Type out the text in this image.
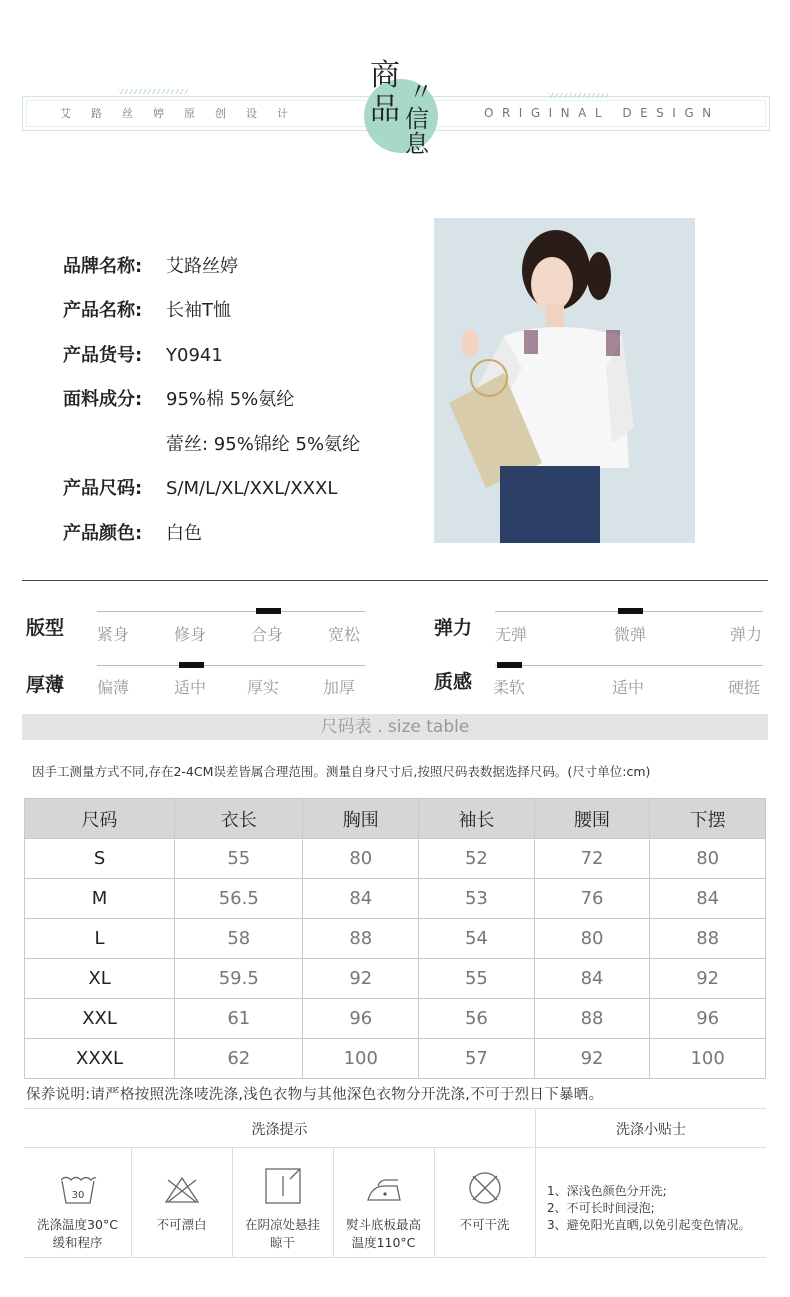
艾路丝婷原创设计	ORIGINAL DESIGN
商
品 〃
信
息
品牌名称: 艾路丝婷
产品名称: 长袖T恤
产品货号: Y0941
面料成分: 95%棉 5%氨纶
蕾丝: 95%锦纶 5%氨纶
产品尺码: S/M/L/XL/XXL/XXXL
产品颜色: 白色
版型 紧身	修身	合身	宽松	弹力 无弹	微弹	弹力
厚薄 偏薄	适中	厚实	加厚	质感 柔软	适中	硬挺
尺码表 . size table
因手工测量方式不同,存在2-4CM误差皆属合理范围。测量自身尺寸后,按照尺码表数据选择尺码。(尺寸单位:cm)
尺码	衣长	胸围	袖长	腰围	下摆
S	55	80	52	72	80
M	56.5	84	53	76	84
L	58	88	54	80	88
XL	59.5	92	55	84	92
XXL	61	96	56	88	96
XXXL	62	100	57	92	100
保养说明:请严格按照洗涤唛洗涤,浅色衣物与其他深色衣物分开洗涤,不可于烈日下暴晒。
洗涤提示	洗涤小贴士
30
洗涤温度30°C
缓和程序
不可漂白	在阴凉处悬挂
晾干
熨斗底板最高
温度110°C
不可干洗
1、深浅色颜色分开洗;
2、不可长时间浸泡;
3、避免阳光直晒,以免引起变色情况。
